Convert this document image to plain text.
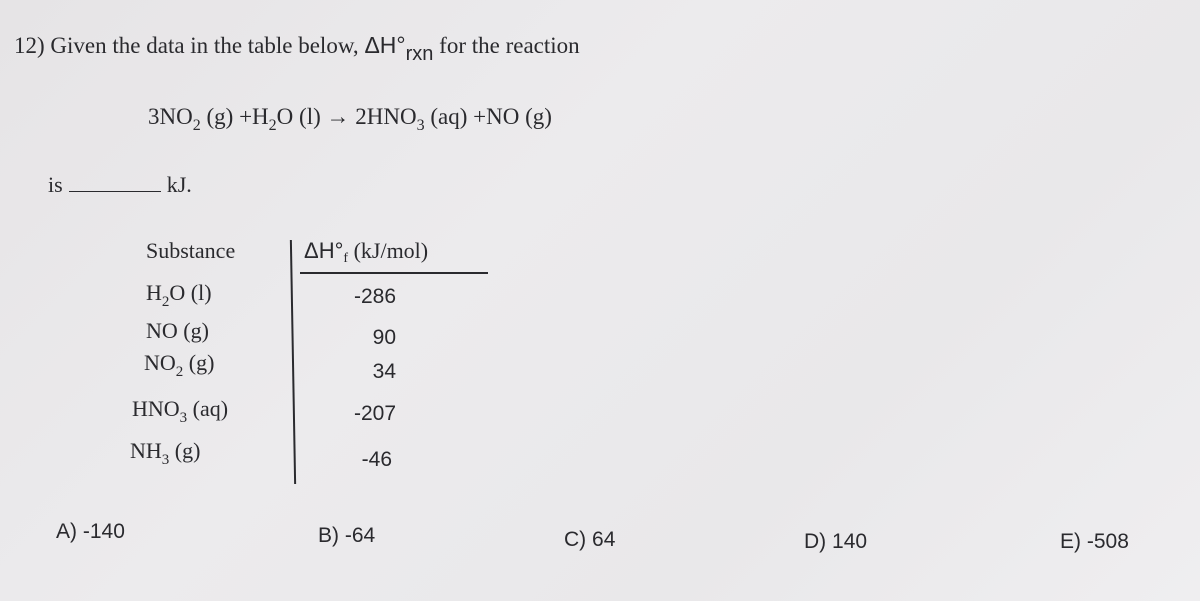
12) Given the data in the table below, $\Delta H^\circ_{rxn}$ for the reaction
$3NO_2$ $(g) +H_2O$ $(l) \to 2HNO_3$ (aq) +NO (g)
is	kJ.
Substance	$\Delta H^\circ_f$ (kJ/mol)
$H_2O$ (l)	-286
NO (g)	90
$NO_2$ (g)	34
$HNO_3$ (aq)	-207
$NH_3$ (g)	-46
A) -140	B) -64	C) 64	D) 140	E) -508
